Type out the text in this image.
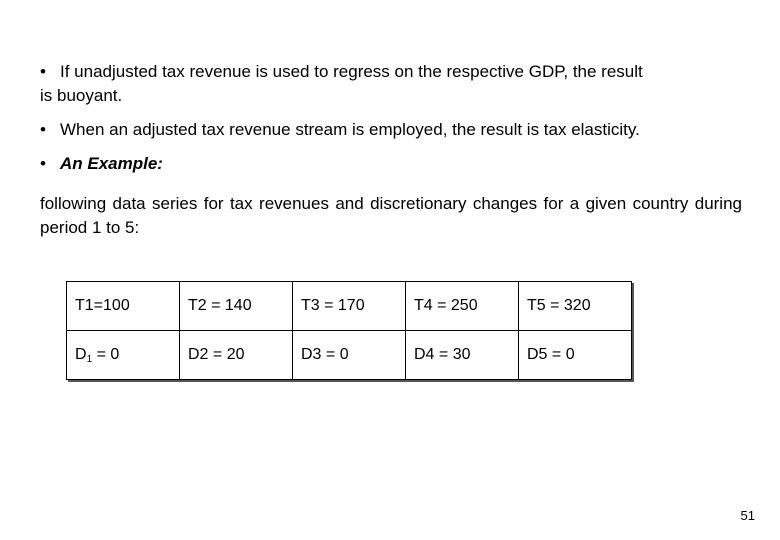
• If unadjusted tax revenue is used to regress on the respective GDP, the result
is buoyant.
• When an adjusted tax revenue stream is employed, the result is tax elasticity.
• An Example:
following data series for tax revenues and discretionary changes for a given country during period 1 to 5:
T1=100	T2 = 140	T3 = 170	T4 = 250	T5 = 320
$D_1 = 0$	D2 = 20	D3 = 0	D4 = 30	D5 = 0
51
